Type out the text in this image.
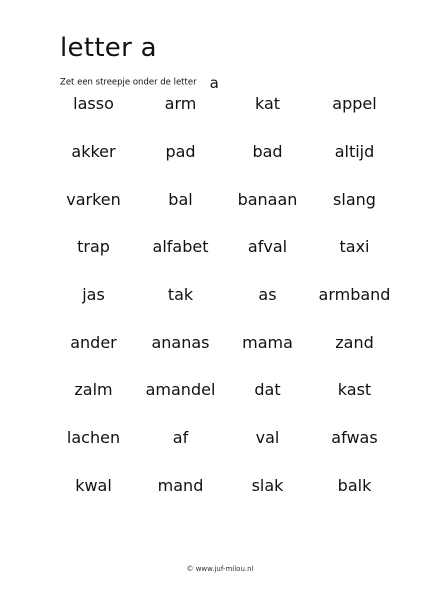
letter a
Zet een streepje onder de letter a
lasso	arm	kat	appel
akker	pad	bad	altijd
varken	bal	banaan	slang
trap	alfabet	afval	taxi
jas	tak	as	armband
ander	ananas	mama	zand
zalm	amandel	dat	kast
lachen	af	val	afwas
kwal	mand	slak	balk
© www.juf-milou.nl
